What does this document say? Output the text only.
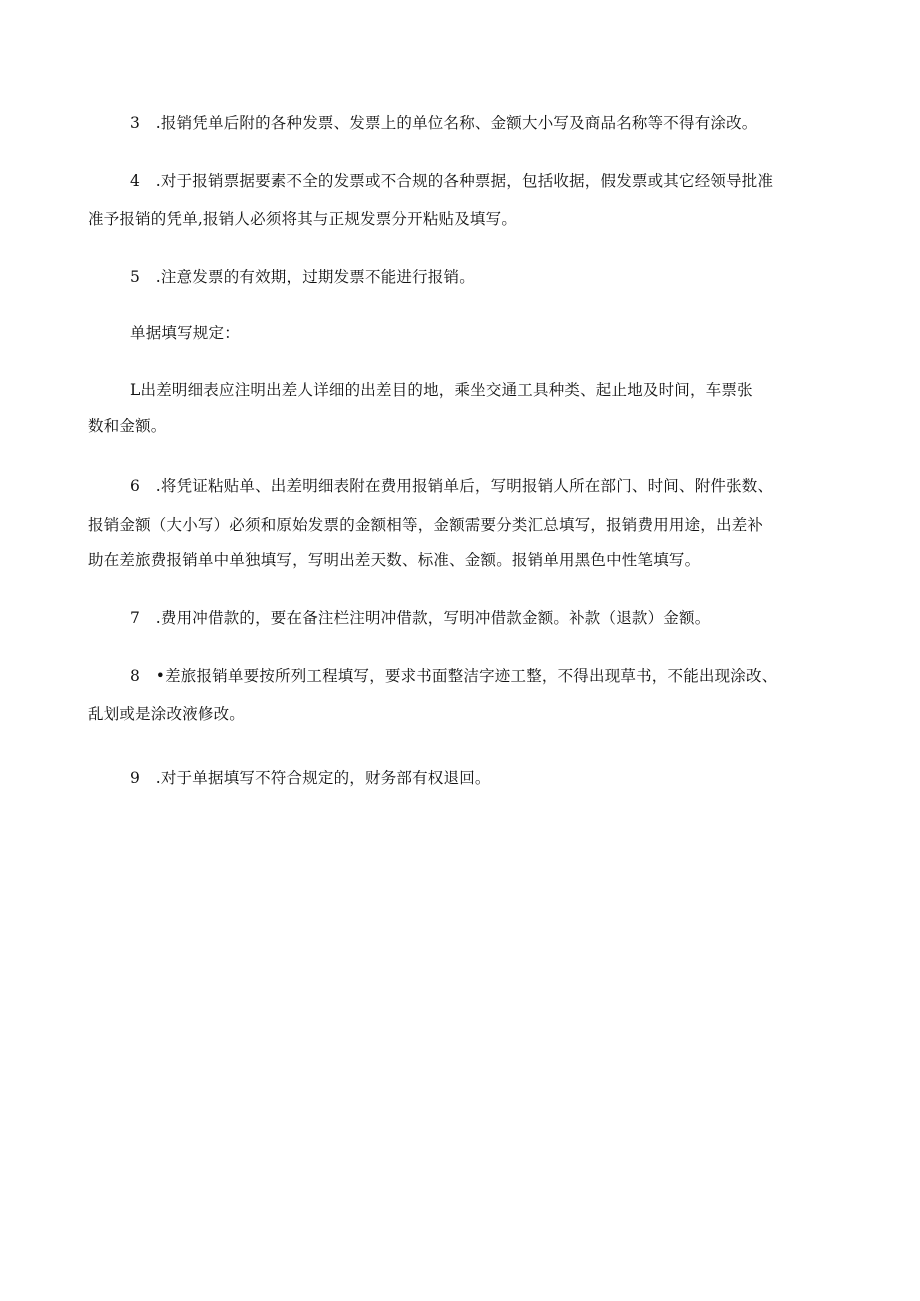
3　.报销凭单后附的各种发票、发票上的单位名称、金额大小写及商品名称等不得有涂改。
4　.对于报销票据要素不全的发票或不合规的各种票据，包括收据，假发票或其它经领导批准
准予报销的凭单,报销人必须将其与正规发票分开粘贴及填写。
5　.注意发票的有效期，过期发票不能进行报销。
单据填写规定：
L出差明细表应注明出差人详细的出差目的地，乘坐交通工具种类、起止地及时间，车票张
数和金额。
6　.将凭证粘贴单、出差明细表附在费用报销单后，写明报销人所在部门、时间、附件张数、
报销金额（大小写）必须和原始发票的金额相等，金额需要分类汇总填写，报销费用用途，出差补
助在差旅费报销单中单独填写，写明出差天数、标准、金额。报销单用黑色中性笔填写。
7　.费用冲借款的，要在备注栏注明冲借款，写明冲借款金额。补款（退款）金额。
8　•差旅报销单要按所列工程填写，要求书面整洁字迹工整，不得出现草书，不能出现涂改、
乱划或是涂改液修改。
9　.对于单据填写不符合规定的，财务部有权退回。
